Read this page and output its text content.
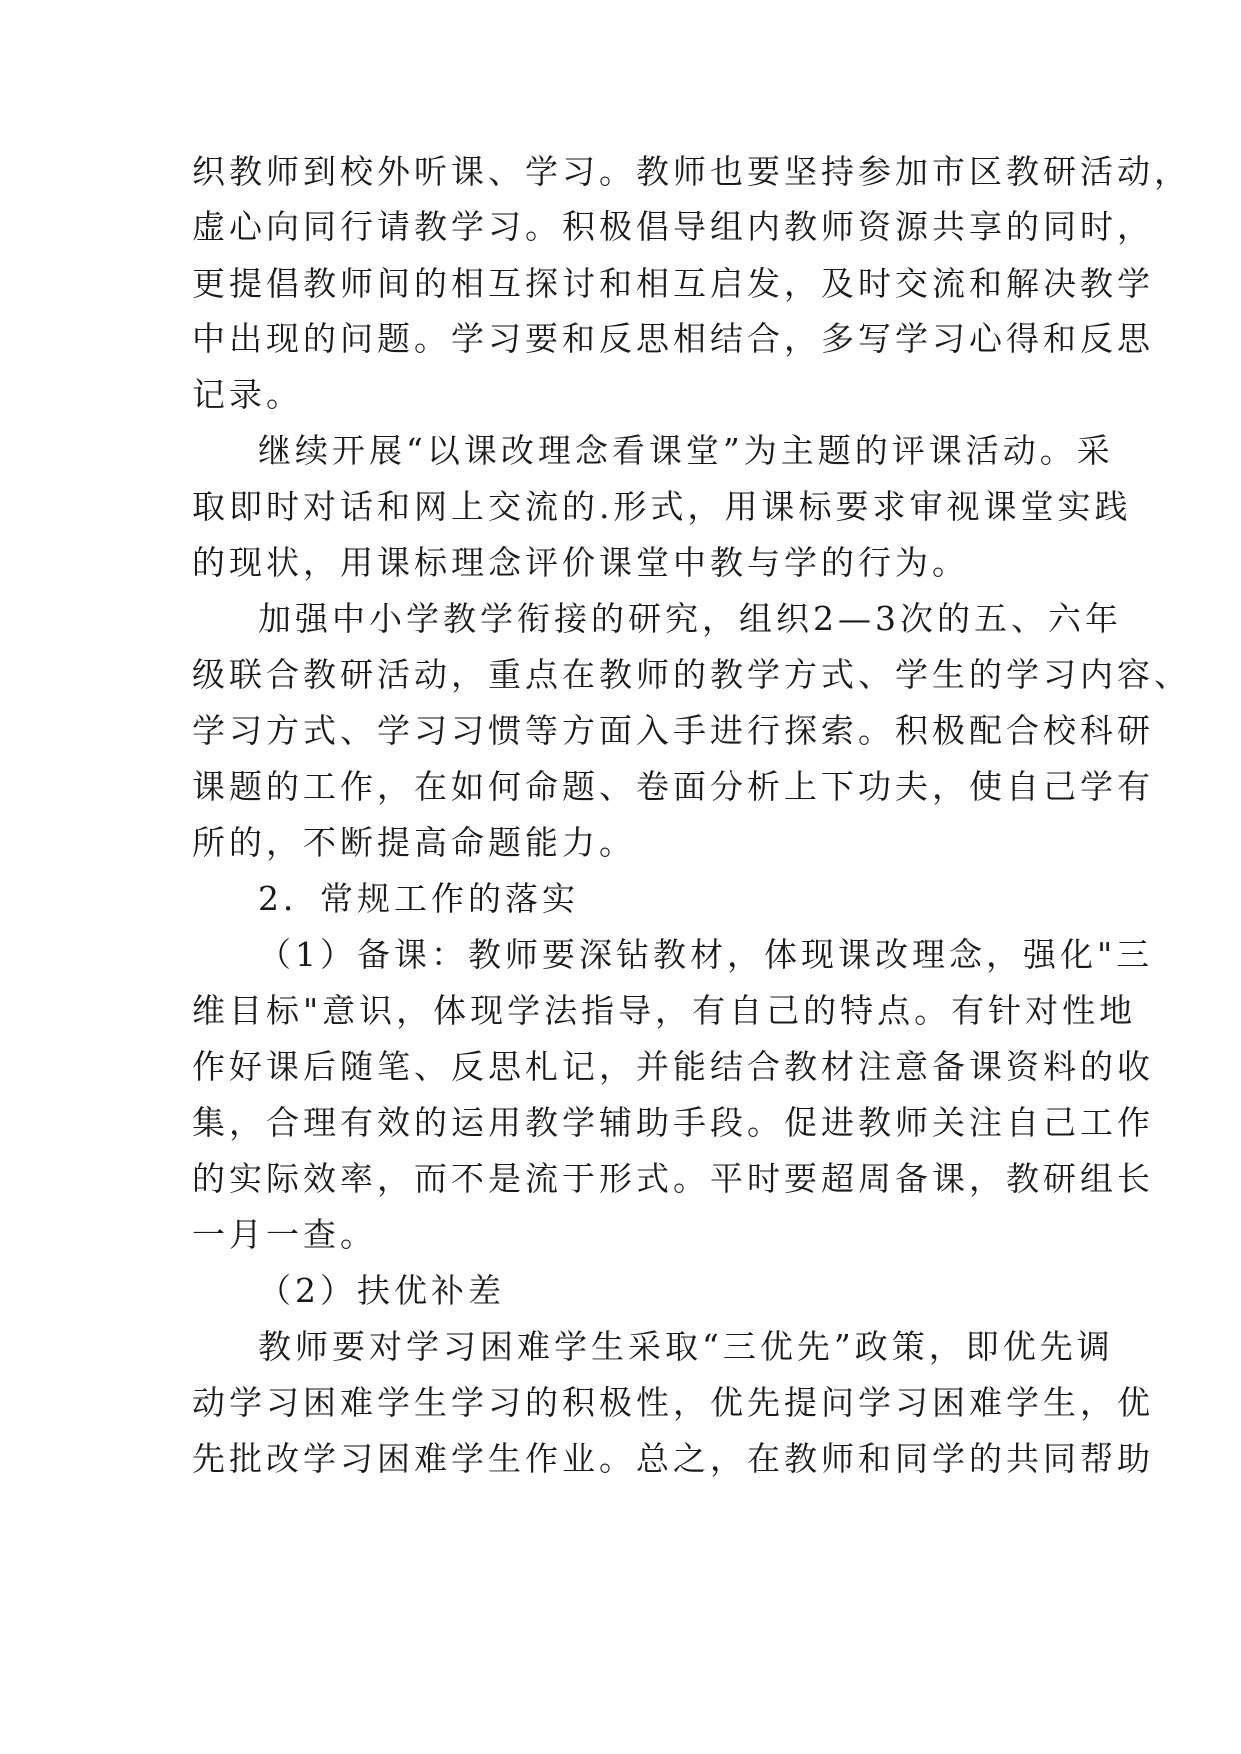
织教师到校外听课、学习。教师也要坚持参加市区教研活动，
虚心向同行请教学习。积极倡导组内教师资源共享的同时，
更提倡教师间的相互探讨和相互启发，及时交流和解决教学
中出现的问题。学习要和反思相结合，多写学习心得和反思
记录。
继续开展“以课改理念看课堂”为主题的评课活动。采
取即时对话和网上交流的.形式，用课标要求审视课堂实践
的现状，用课标理念评价课堂中教与学的行为。
加强中小学教学衔接的研究，组织2—3次的五、六年
级联合教研活动，重点在教师的教学方式、学生的学习内容、
学习方式、学习习惯等方面入手进行探索。积极配合校科研
课题的工作，在如何命题、卷面分析上下功夫，使自己学有
所的，不断提高命题能力。
2．常规工作的落实
（1）备课：教师要深钻教材，体现课改理念，强化"三
维目标"意识，体现学法指导，有自己的特点。有针对性地
作好课后随笔、反思札记，并能结合教材注意备课资料的收
集，合理有效的运用教学辅助手段。促进教师关注自己工作
的实际效率，而不是流于形式。平时要超周备课，教研组长
一月一查。
（2）扶优补差
教师要对学习困难学生采取“三优先”政策，即优先调
动学习困难学生学习的积极性，优先提问学习困难学生，优
先批改学习困难学生作业。总之，在教师和同学的共同帮助
